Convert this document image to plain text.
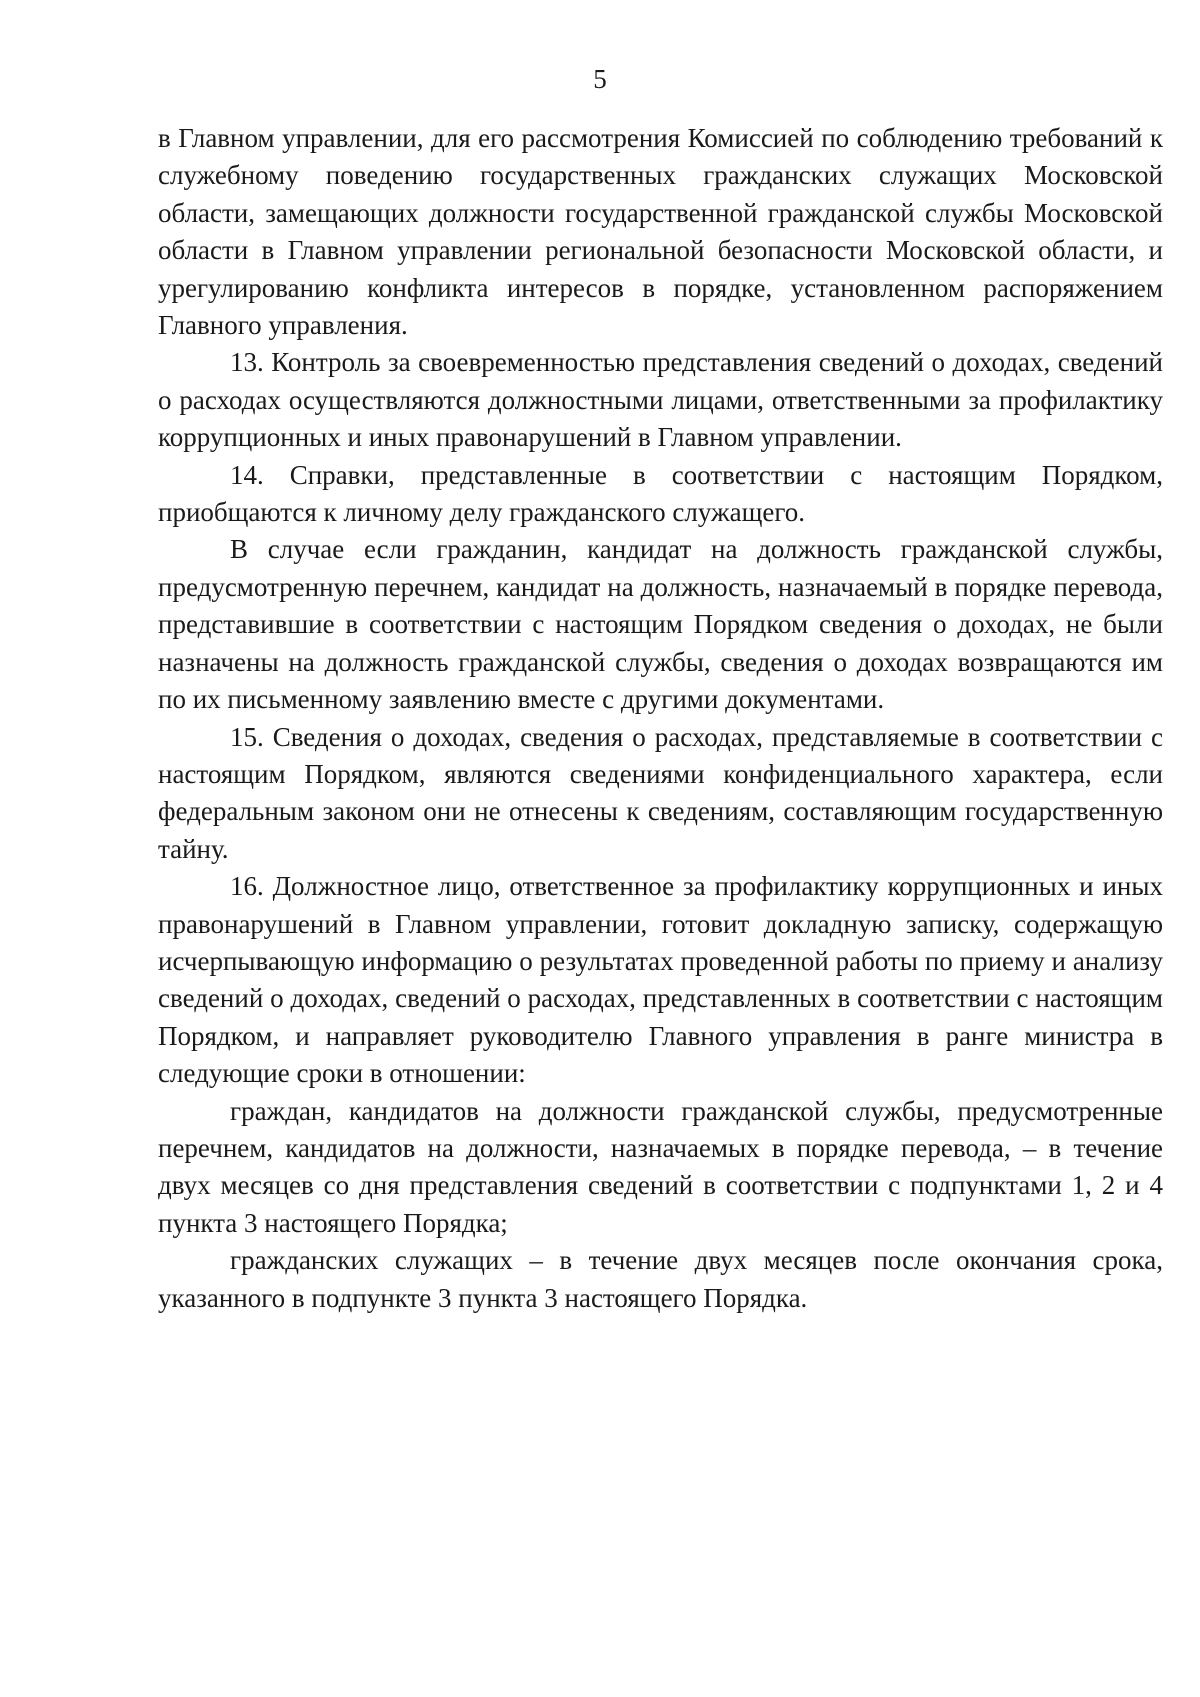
5

в Главном управлении, для его рассмотрения Комиссией по соблюдению требований к служебному поведению государственных гражданских служащих Московской области, замещающих должности государственной гражданской службы Московской области в Главном управлении региональной безопасности Московской области, и урегулированию конфликта интересов в порядке, установленном распоряжением Главного управления.

13. Контроль за своевременностью представления сведений о доходах, сведений о расходах осуществляются должностными лицами, ответственными за профилактику коррупционных и иных правонарушений в Главном управлении.

14. Справки, представленные в соответствии с настоящим Порядком, приобщаются к личному делу гражданского служащего.

В случае если гражданин, кандидат на должность гражданской службы, предусмотренную перечнем, кандидат на должность, назначаемый в порядке перевода, представившие в соответствии с настоящим Порядком сведения о доходах, не были назначены на должность гражданской службы, сведения о доходах возвращаются им по их письменному заявлению вместе с другими документами.

15. Сведения о доходах, сведения о расходах, представляемые в соответствии с настоящим Порядком, являются сведениями конфиденциального характера, если федеральным законом они не отнесены к сведениям, составляющим государственную тайну.

16. Должностное лицо, ответственное за профилактику коррупционных и иных правонарушений в Главном управлении, готовит докладную записку, содержащую исчерпывающую информацию о результатах проведенной работы по приему и анализу сведений о доходах, сведений о расходах, представленных в соответствии с настоящим Порядком, и направляет руководителю Главного управления в ранге министра в следующие сроки в отношении:

граждан, кандидатов на должности гражданской службы, предусмотренные перечнем, кандидатов на должности, назначаемых в порядке перевода, – в течение двух месяцев со дня представления сведений в соответствии с подпунктами 1, 2 и 4 пункта 3 настоящего Порядка;

гражданских служащих – в течение двух месяцев после окончания срока, указанного в подпункте 3 пункта 3 настоящего Порядка.
